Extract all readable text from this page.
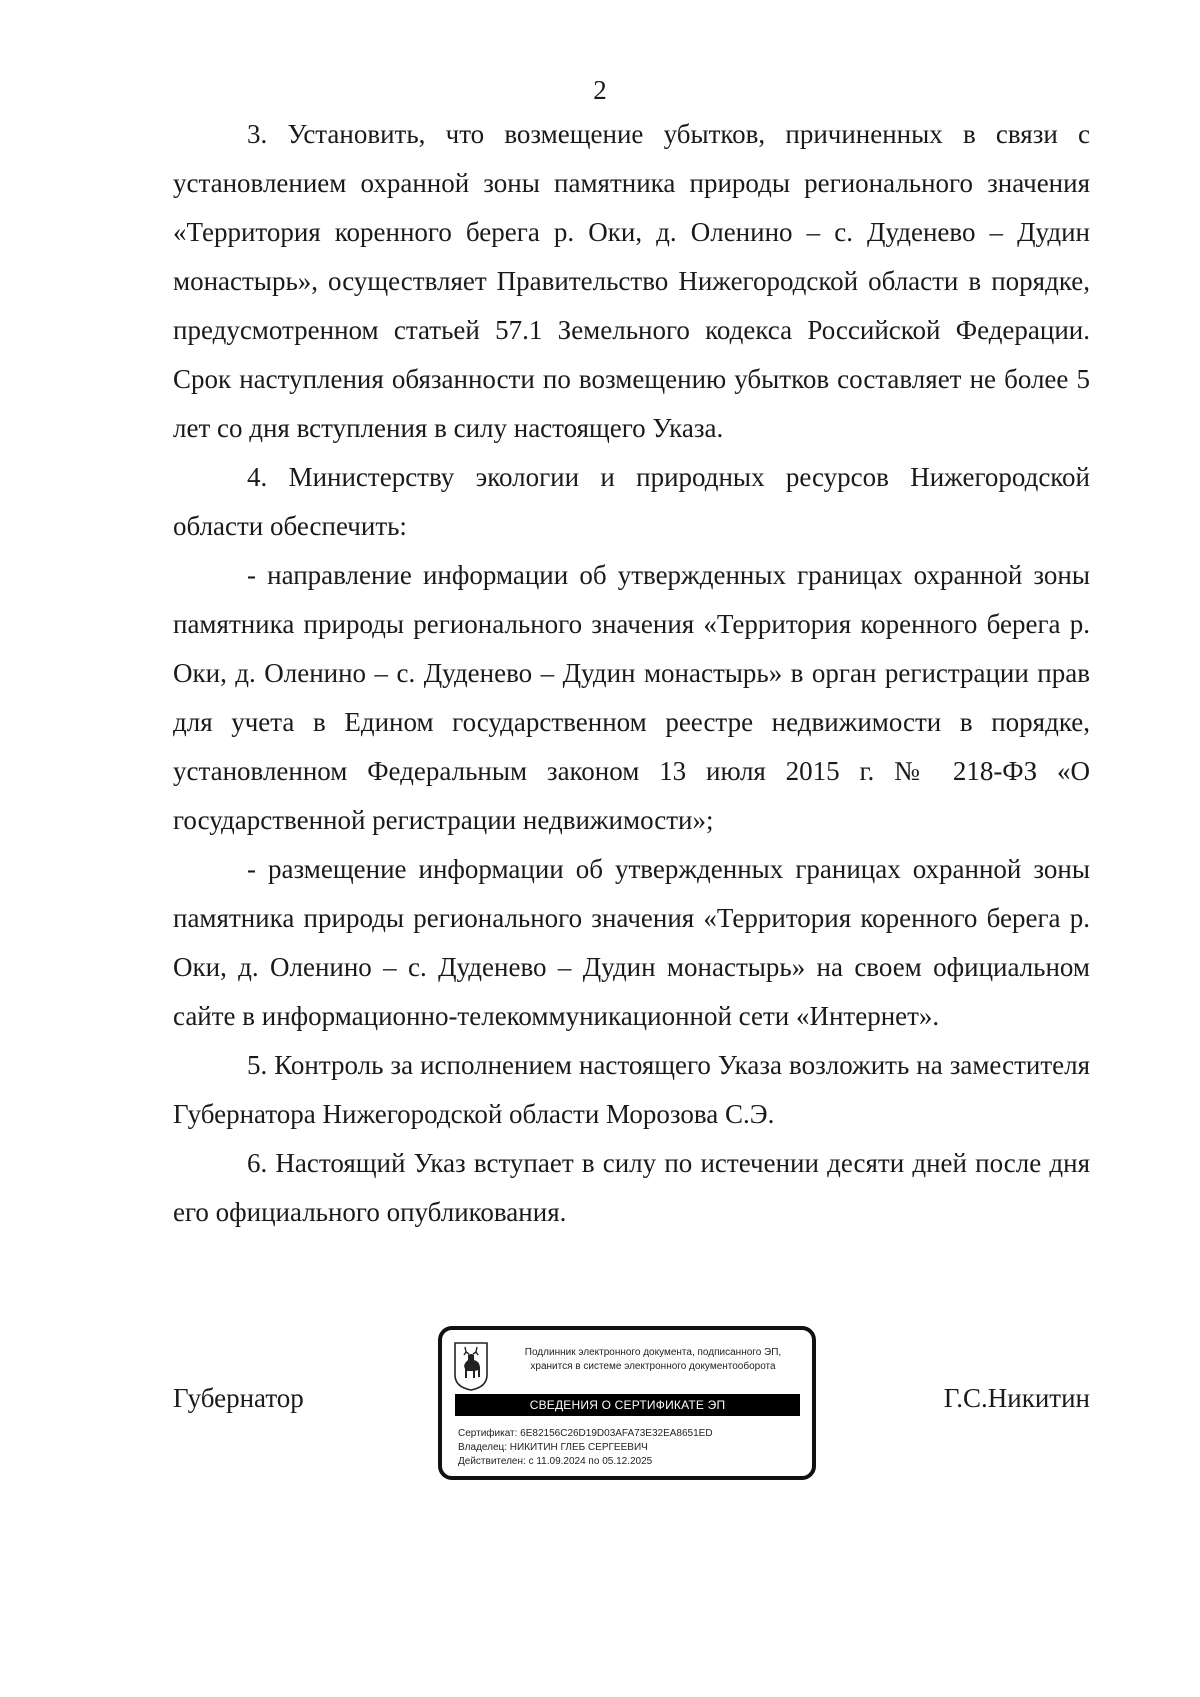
2

3. Установить, что возмещение убытков, причиненных в связи с установлением охранной зоны памятника природы регионального значения «Территория коренного берега р. Оки, д. Оленино – с. Дуденево – Дудин монастырь», осуществляет Правительство Нижегородской области в порядке, предусмотренном статьей 57.1 Земельного кодекса Российской Федерации. Срок наступления обязанности по возмещению убытков составляет не более 5 лет со дня вступления в силу настоящего Указа.

4. Министерству экологии и природных ресурсов Нижегородской области обеспечить:

- направление информации об утвержденных границах охранной зоны памятника природы регионального значения «Территория коренного берега р. Оки, д. Оленино – с. Дуденево – Дудин монастырь» в орган регистрации прав для учета в Едином государственном реестре недвижимости в порядке, установленном Федеральным законом 13 июля 2015 г. № 218-ФЗ «О государственной регистрации недвижимости»;

- размещение информации об утвержденных границах охранной зоны памятника природы регионального значения «Территория коренного берега р. Оки, д. Оленино – с. Дуденево – Дудин монастырь» на своем официальном сайте в информационно-телекоммуникационной сети «Интернет».

5. Контроль за исполнением настоящего Указа возложить на заместителя Губернатора Нижегородской области Морозова С.Э.

6. Настоящий Указ вступает в силу по истечении десяти дней после дня его официального опубликования.

Губернатор
Подлинник электронного документа, подписанного ЭП,
хранится в системе электронного документооборота
СВЕДЕНИЯ О СЕРТИФИКАТЕ ЭП
Сертификат: 6E82156C26D19D03AFA73E32EA8651ED
Владелец: НИКИТИН ГЛЕБ СЕРГЕЕВИЧ
Действителен: с 11.09.2024 по 05.12.2025
Г.С.Никитин
